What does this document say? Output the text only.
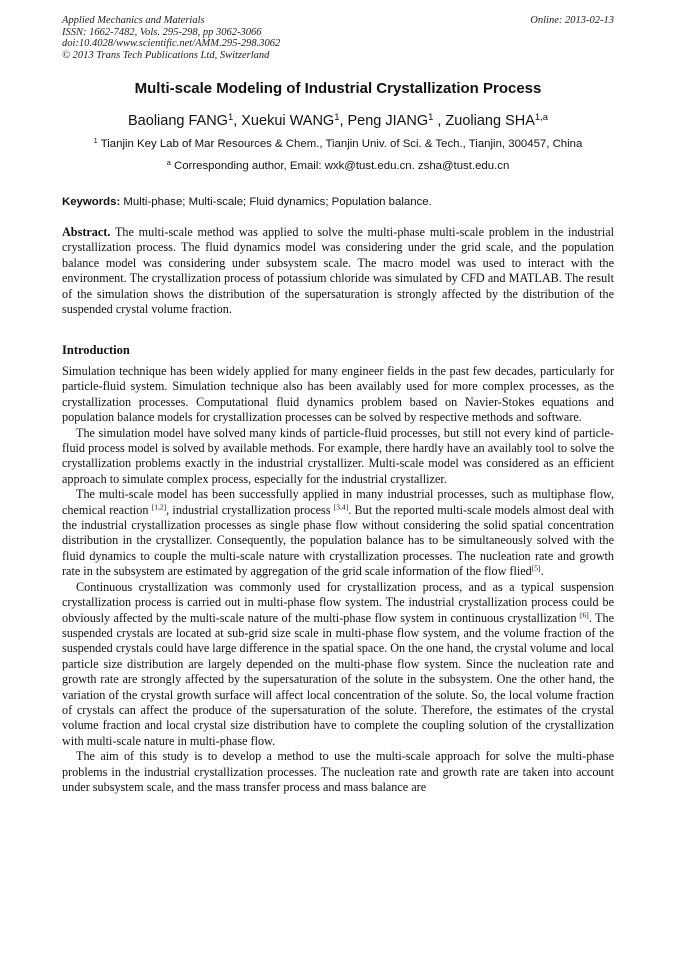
Applied Mechanics and Materials
ISSN: 1662-7482, Vols. 295-298, pp 3062-3066
doi:10.4028/www.scientific.net/AMM.295-298.3062
© 2013 Trans Tech Publications Ltd, Switzerland
Online: 2013-02-13
Multi-scale Modeling of Industrial Crystallization Process
Baoliang FANG$^1$, Xuekui WANG$^1$, Peng JIANG$^1$ , Zuoliang SHA$^{1,a}$
$^1$ Tianjin Key Lab of Mar Resources & Chem., Tianjin Univ. of Sci. & Tech., Tianjin, 300457, China
$^a$ Corresponding author, Email: wxk@tust.edu.cn. zsha@tust.edu.cn
Keywords: Multi-phase; Multi-scale; Fluid dynamics; Population balance.
Abstract. The multi-scale method was applied to solve the multi-phase multi-scale problem in the industrial crystallization process. The fluid dynamics model was considering under the grid scale, and the population balance model was considering under subsystem scale. The macro model was used to interact with the environment. The crystallization process of potassium chloride was simulated by CFD and MATLAB. The result of the simulation shows the distribution of the supersaturation is strongly affected by the distribution of the suspended crystal volume fraction.
Introduction

Simulation technique has been widely applied for many engineer fields in the past few decades, particularly for particle-fluid system. Simulation technique also has been availably used for more complex processes, as the crystallization processes. Computational fluid dynamics problem based on Navier-Stokes equations and population balance models for crystallization processes can be solved by respective methods and software.

The simulation model have solved many kinds of particle-fluid processes, but still not every kind of particle-fluid process model is solved by available methods. For example, there hardly have an availably tool to solve the crystallization problems exactly in the industrial crystallizer. Multi-scale model was considered as an efficient approach to simulate complex process, especially for the industrial crystallizer.

The multi-scale model has been successfully applied in many industrial processes, such as multiphase flow, chemical reaction [1,2], industrial crystallization process [3,4]. But the reported multi-scale models almost deal with the industrial crystallization processes as single phase flow without considering the solid spatial concentration distribution in the crystallizer. Consequently, the population balance has to be simultaneously solved with the fluid dynamics to couple the multi-scale nature with crystallization processes. The nucleation rate and growth rate in the subsystem are estimated by aggregation of the grid scale information of the flow flied[5].

Continuous crystallization was commonly used for crystallization process, and as a typical suspension crystallization process is carried out in multi-phase flow system. The industrial crystallization process could be obviously affected by the multi-scale nature of the multi-phase flow system in continuous crystallization [6]. The suspended crystals are located at sub-grid size scale in multi-phase flow system, and the volume fraction of the suspended crystals could have large difference in the spatial space. On the one hand, the crystal volume and local particle size distribution are largely depended on the multi-phase flow system. Since the nucleation rate and growth rate are strongly affected by the supersaturation of the solute in the subsystem. One the other hand, the variation of the crystal growth surface will affect local concentration of the solute. So, the local volume fraction of crystals can affect the produce of the supersaturation of the solute. Therefore, the estimates of the crystal volume fraction and local crystal size distribution have to complete the coupling solution of the crystallization with multi-scale nature in multi-phase flow.

The aim of this study is to develop a method to use the multi-scale approach for solve the multi-phase problems in the industrial crystallization processes. The nucleation rate and growth rate are taken into account under subsystem scale, and the mass transfer process and mass balance are
